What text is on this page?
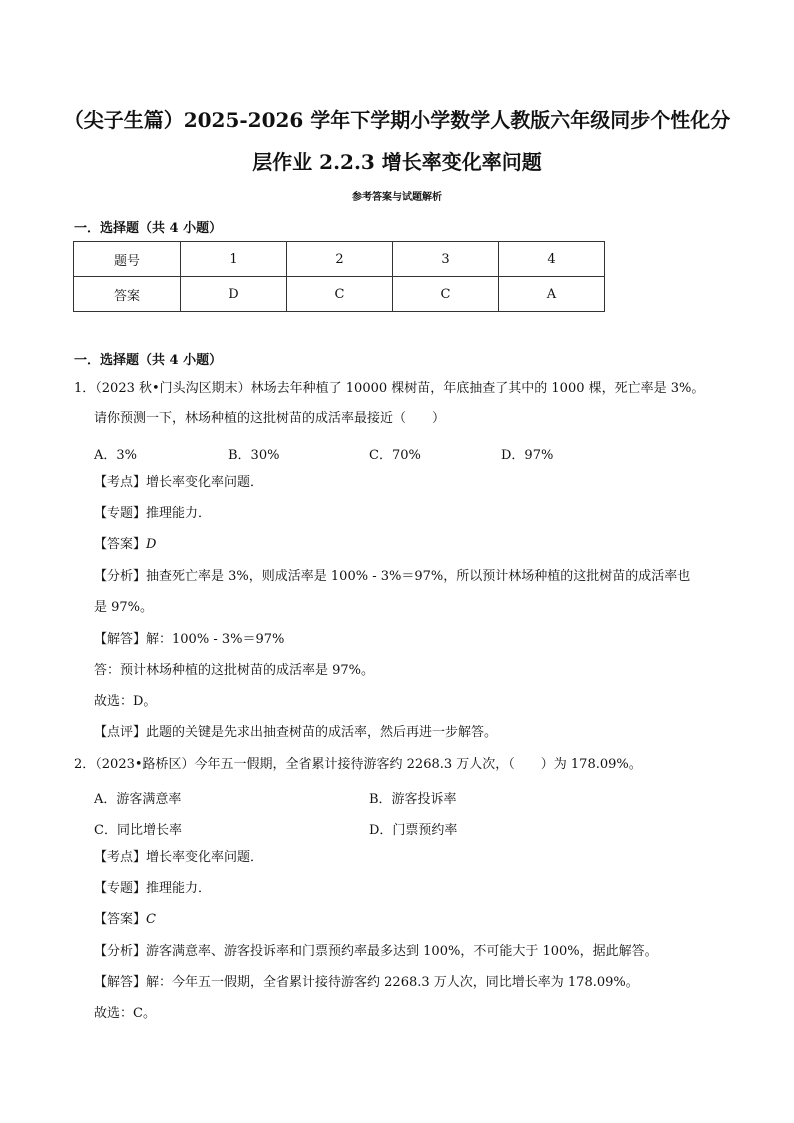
（尖子生篇）2025-2026 学年下学期小学数学人教版六年级同步个性化分
层作业 2.2.3 增长率变化率问题
参考答案与试题解析
一．选择题（共 4 小题）
题号	1	2	3	4
答案	D	C	C	A
一．选择题（共 4 小题）
1．（2023 秋•门头沟区期末）林场去年种植了 10000 棵树苗，年底抽查了其中的 1000 棵，死亡率是 3%。
请你预测一下，林场种植的这批树苗的成活率最接近（　　）
A．3%	B．30%	C．70%	D．97%
【考点】增长率变化率问题．
【专题】推理能力．
【答案】D
【分析】抽查死亡率是 3%，则成活率是 100% - 3%＝97%，所以预计林场种植的这批树苗的成活率也
是 97%。
【解答】解：100% - 3%＝97%
答：预计林场种植的这批树苗的成活率是 97%。
故选：D。
【点评】此题的关键是先求出抽查树苗的成活率，然后再进一步解答。
2．（2023•路桥区）今年五一假期，全省累计接待游客约 2268.3 万人次，（　　）为 178.09%。
A．游客满意率	B．游客投诉率
C．同比增长率	D．门票预约率
【考点】增长率变化率问题．
【专题】推理能力．
【答案】C
【分析】游客满意率、游客投诉率和门票预约率最多达到 100%，不可能大于 100%，据此解答。
【解答】解：今年五一假期，全省累计接待游客约 2268.3 万人次，同比增长率为 178.09%。
故选：C。
